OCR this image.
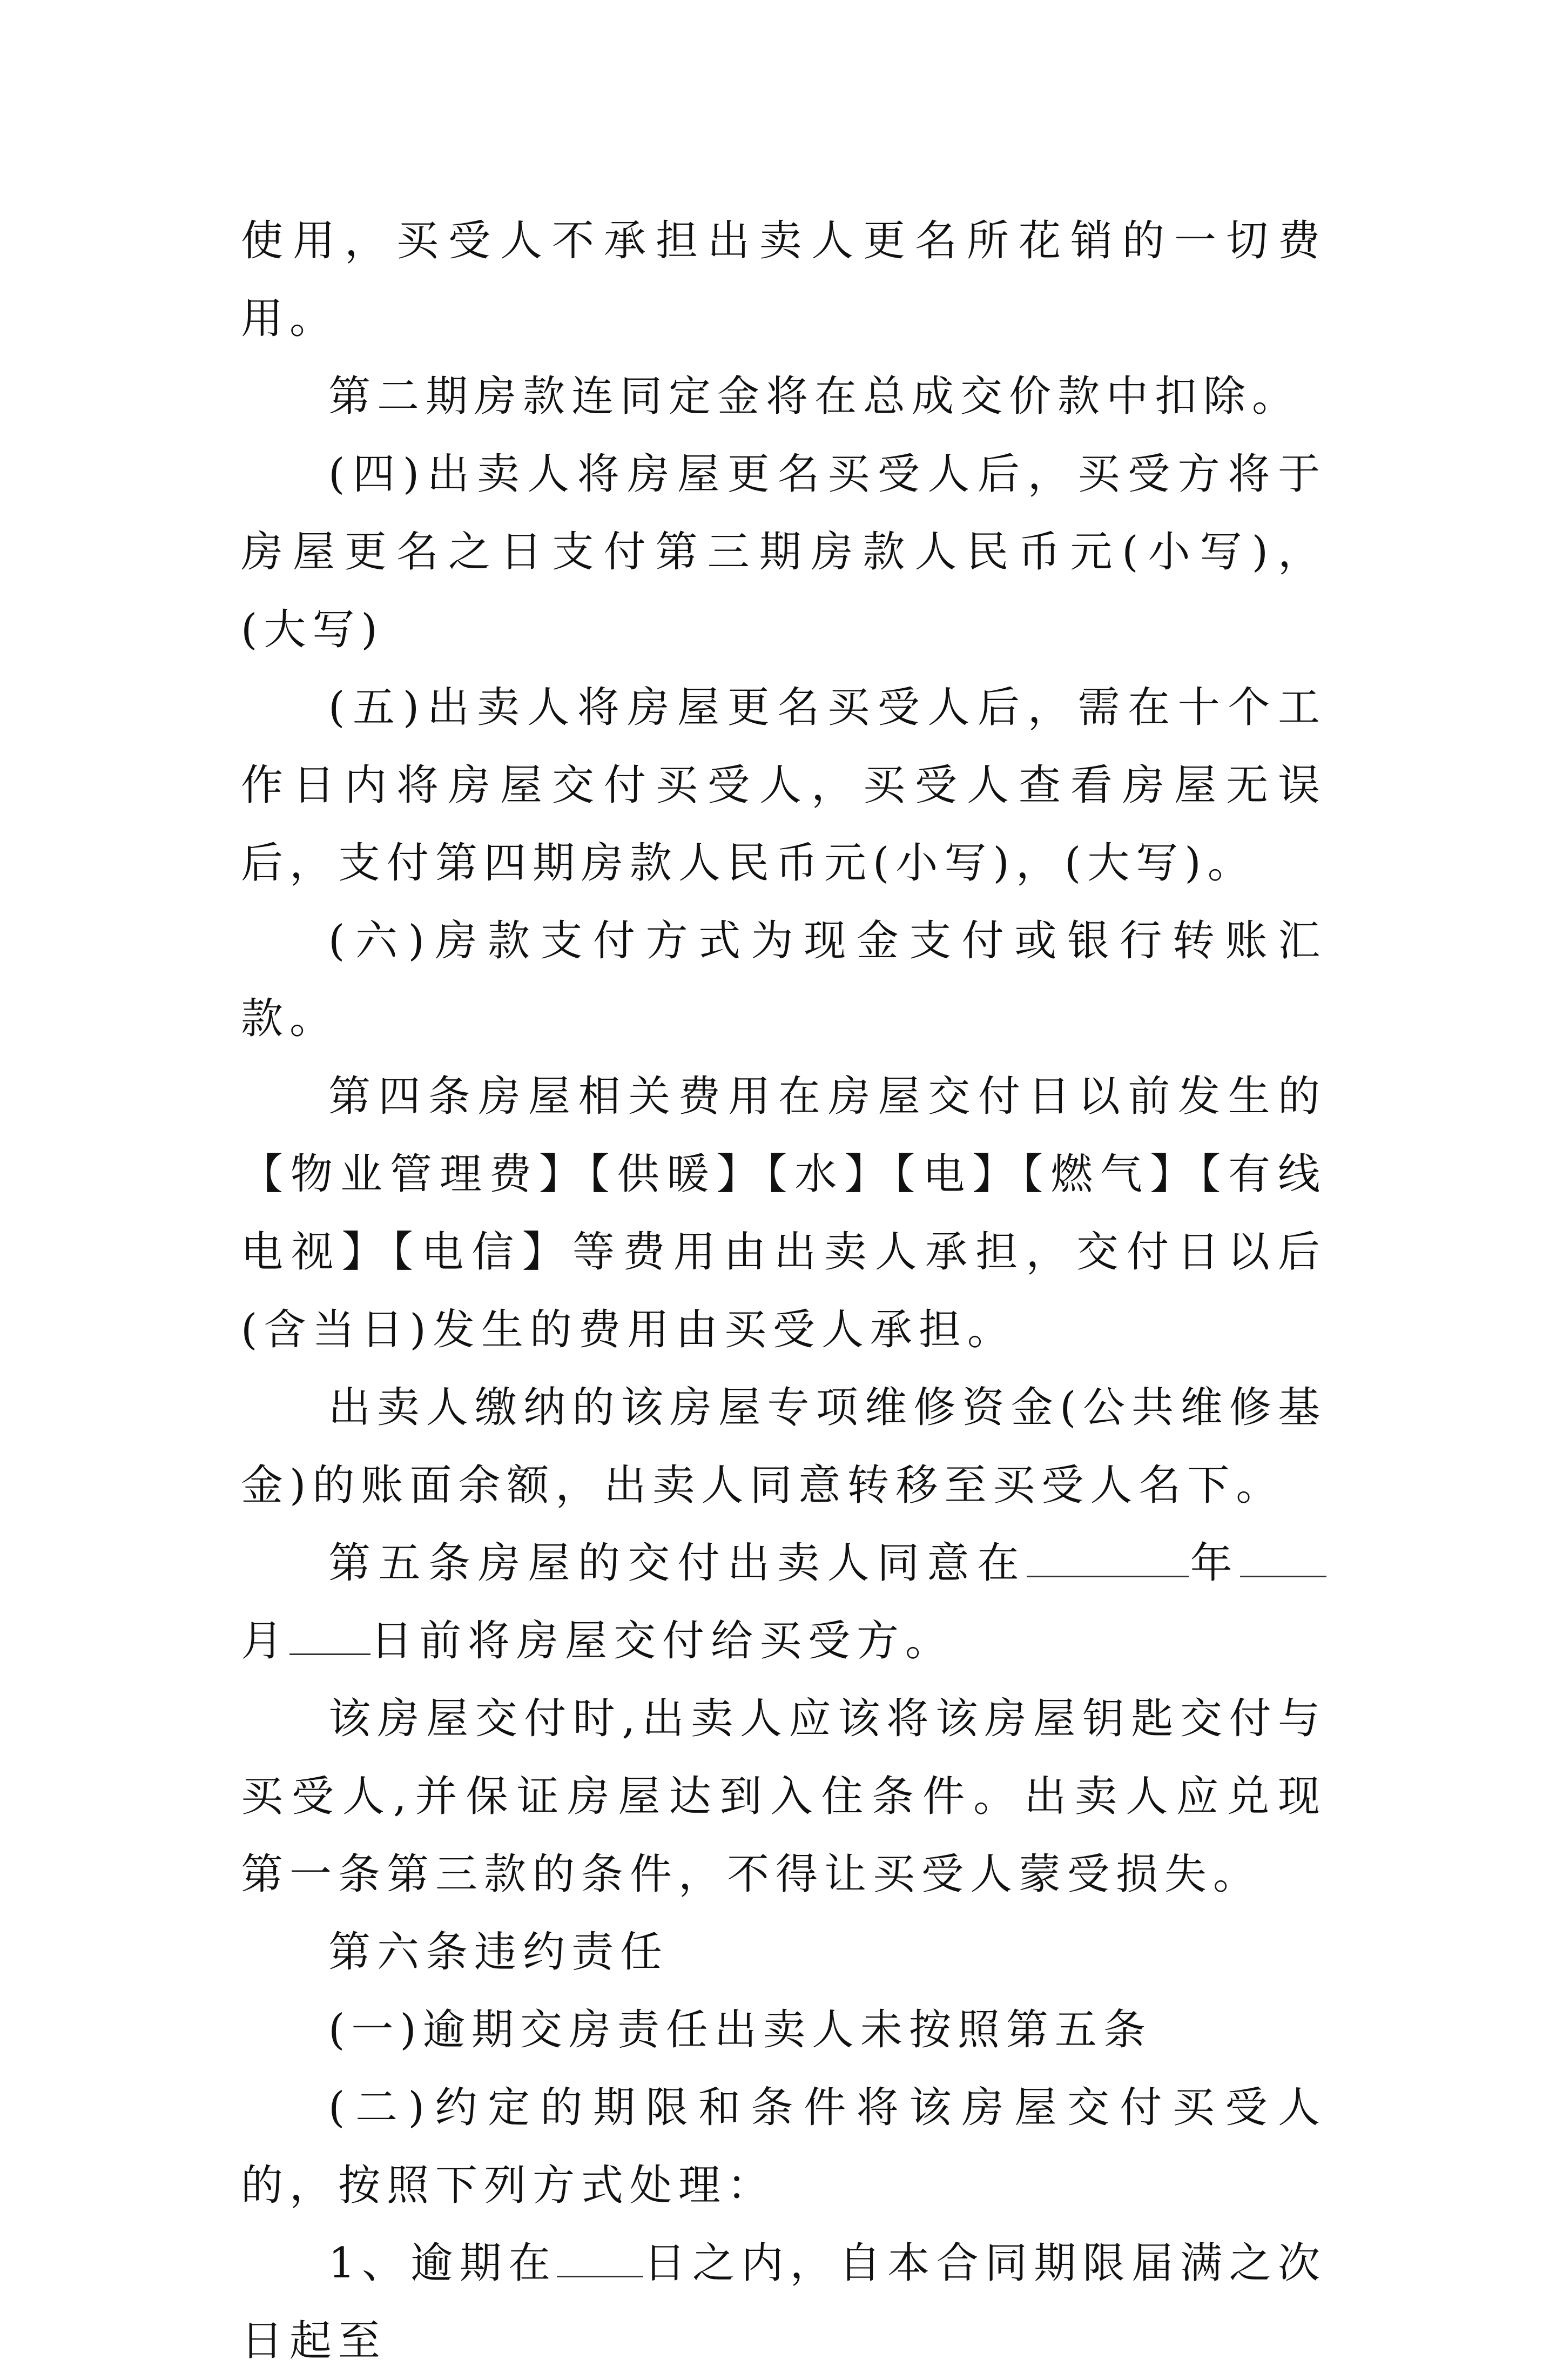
使用，买受人不承担出卖人更名所花销的一切费用。

第二期房款连同定金将在总成交价款中扣除。

(四)出卖人将房屋更名买受人后，买受方将于房屋更名之日支付第三期房款人民币元(小写)，(大写)

(五)出卖人将房屋更名买受人后，需在十个工作日内将房屋交付买受人，买受人查看房屋无误后，支付第四期房款人民币元(小写)，(大写)。

(六)房款支付方式为现金支付或银行转账汇款。

第四条房屋相关费用在房屋交付日以前发生的【物业管理费】【供暖】【水】【电】【燃气】【有线电视】【电信】等费用由出卖人承担，交付日以后(含当日)发生的费用由买受人承担。

出卖人缴纳的该房屋专项维修资金(公共维修基金)的账面余额，出卖人同意转移至买受人名下。

第五条房屋的交付出卖人同意在	年月 日前将房屋交付给买受方。

该房屋交付时,出卖人应该将该房屋钥匙交付与买受人,并保证房屋达到入住条件。出卖人应兑现第一条第三款的条件，不得让买受人蒙受损失。

第六条违约责任

(一)逾期交房责任出卖人未按照第五条

(二)约定的期限和条件将该房屋交付买受人的，按照下列方式处理：

1、逾期在 日之内，自本合同期限届满之次日起至
